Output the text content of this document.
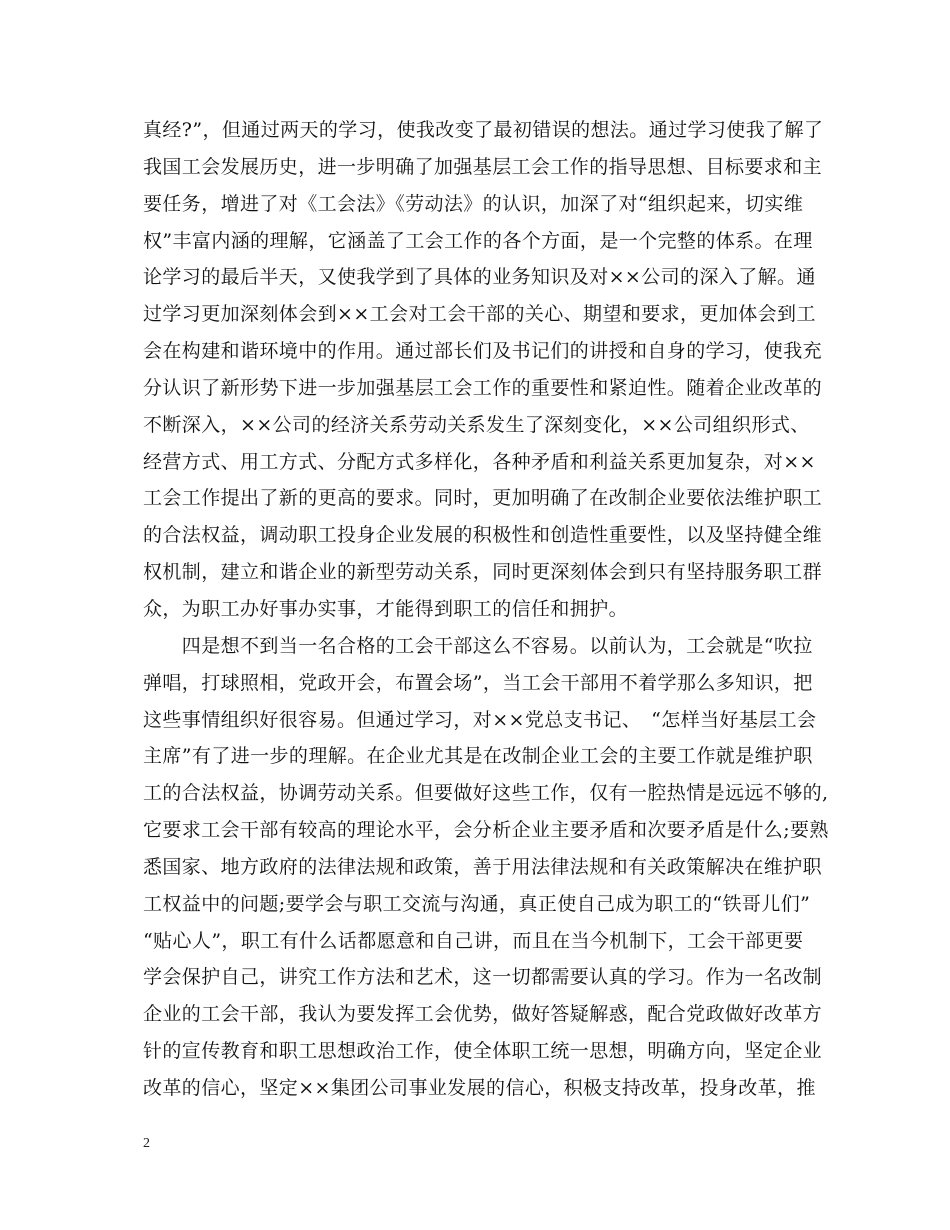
真经?”，但通过两天的学习，使我改变了最初错误的想法。通过学习使我了解了
我国工会发展历史，进一步明确了加强基层工会工作的指导思想、目标要求和主
要任务，增进了对《工会法》《劳动法》的认识，加深了对“组织起来，切实维
权”丰富内涵的理解，它涵盖了工会工作的各个方面，是一个完整的体系。在理
论学习的最后半天，又使我学到了具体的业务知识及对××公司的深入了解。通
过学习更加深刻体会到××工会对工会干部的关心、期望和要求，更加体会到工
会在构建和谐环境中的作用。通过部长们及书记们的讲授和自身的学习，使我充
分认识了新形势下进一步加强基层工会工作的重要性和紧迫性。随着企业改革的
不断深入，××公司的经济关系劳动关系发生了深刻变化，××公司组织形式、
经营方式、用工方式、分配方式多样化，各种矛盾和利益关系更加复杂，对××
工会工作提出了新的更高的要求。同时，更加明确了在改制企业要依法维护职工
的合法权益，调动职工投身企业发展的积极性和创造性重要性，以及坚持健全维
权机制，建立和谐企业的新型劳动关系，同时更深刻体会到只有坚持服务职工群
众，为职工办好事办实事，才能得到职工的信任和拥护。
　　四是想不到当一名合格的工会干部这么不容易。以前认为，工会就是“吹拉
弹唱，打球照相，党政开会，布置会场”，当工会干部用不着学那么多知识，把
这些事情组织好很容易。但通过学习，对××党总支书记、　“怎样当好基层工会
主席”有了进一步的理解。在企业尤其是在改制企业工会的主要工作就是维护职
工的合法权益，协调劳动关系。但要做好这些工作，仅有一腔热情是远远不够的,
它要求工会干部有较高的理论水平，会分析企业主要矛盾和次要矛盾是什么;要熟
悉国家、地方政府的法律法规和政策，善于用法律法规和有关政策解决在维护职
工权益中的问题;要学会与职工交流与沟通，真正使自己成为职工的“铁哥儿们”
“贴心人”，职工有什么话都愿意和自己讲，而且在当今机制下，工会干部更要
学会保护自己，讲究工作方法和艺术，这一切都需要认真的学习。作为一名改制
企业的工会干部，我认为要发挥工会优势，做好答疑解惑，配合党政做好改革方
针的宣传教育和职工思想政治工作，使全体职工统一思想，明确方向，坚定企业
改革的信心，坚定××集团公司事业发展的信心，积极支持改革，投身改革，推
2
